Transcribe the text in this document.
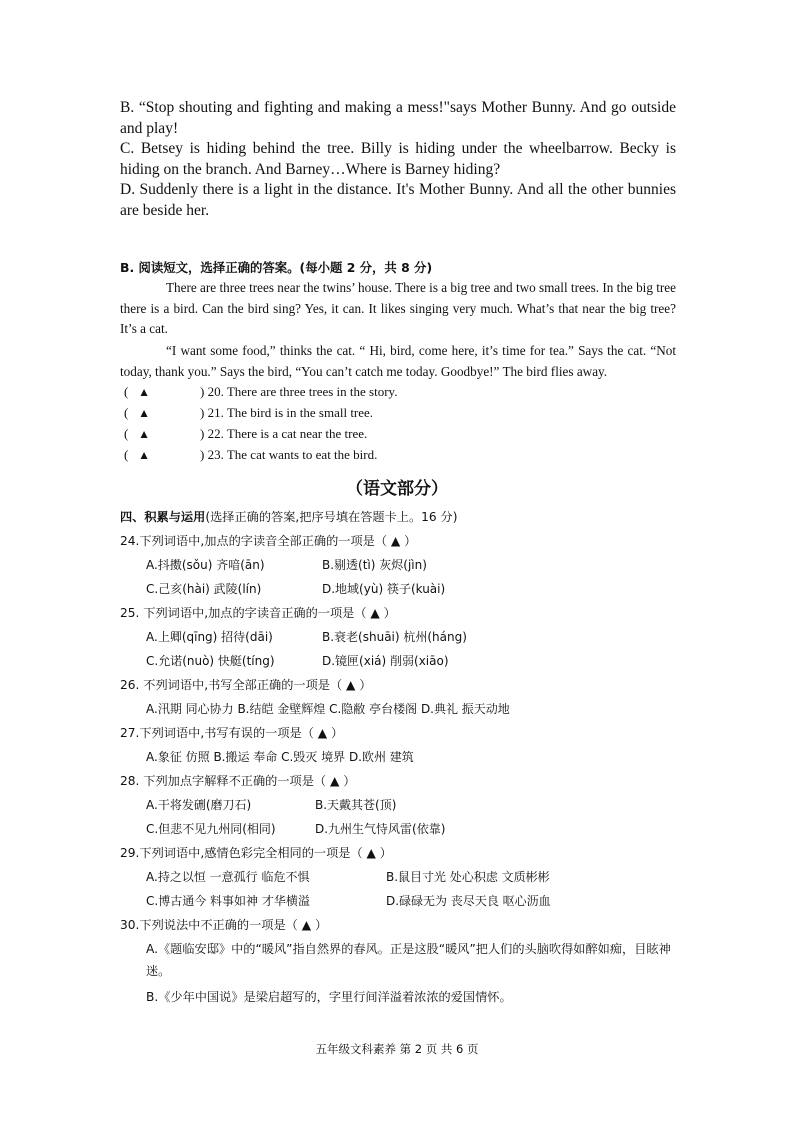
B. “Stop shouting and fighting and making a mess!"says Mother Bunny. And go outside and play!
C. Betsey is hiding behind the tree. Billy is hiding under the wheelbarrow. Becky is hiding on the branch. And Barney…Where is Barney hiding?
D. Suddenly there is a light in the distance. It's Mother Bunny. And all the other bunnies are beside her.
B. 阅读短文，选择正确的答案。(每小题 2 分，共 8 分)
There are three trees near the twins’ house. There is a big tree and two small trees. In the big tree there is a bird. Can the bird sing? Yes, it can. It likes singing very much. What’s that near the big tree? It’s a cat.
“I want some food,” thinks the cat. “ Hi, bird, come here, it’s time for tea.” Says the cat. “Not today, thank you.” Says the bird, “You can’t catch me today. Goodbye!” The bird flies away.
( ▲	) 20. There are three trees in the story.
( ▲	) 21. The bird is in the small tree.
( ▲	) 22. There is a cat near the tree.
( ▲	) 23. The cat wants to eat the bird.
（语文部分）
四、积累与运用(选择正确的答案,把序号填在答题卡上。16 分)
24.下列词语中,加点的字读音全部正确的一项是（ ▲ ）
A.抖擞(sǒu) 齐喑(ān)	B.剔透(tì) 灰烬(jìn)
C.己亥(hài) 武陵(lín)	D.地域(yù) 筷子(kuài)
25. 下列词语中,加点的字读音正确的一项是（ ▲ ）
A.上卿(qīng) 招待(dāi)	B.衰老(shuāi) 杭州(háng)
C.允诺(nuò) 快艇(tíng)	D.镜匣(xiá) 削弱(xiāo)
26. 不列词语中,书写全部正确的一项是（ ▲ ）
A.汛期 同心协力 B.结皑 金壁辉煌 C.隐敝 亭台楼阁 D.典礼 振天动地
27.下列词语中,书写有误的一项是（ ▲ ）
A.象征 仿照 B.搬运 奉命 C.毁灭 境界 D.欧州 建筑
28. 下列加点字解释不正确的一项是（ ▲ ）
A.干将发硎(磨刀石)	B.天戴其苍(顶)
C.但悲不见九州同(相同)	D.九州生气恃风雷(依靠)
29.下列词语中,感情色彩完全相同的一项是（ ▲ ）
A.持之以恒 一意孤行 临危不惧	B.鼠目寸光 处心积虑 文质彬彬
C.博古通今 料事如神 才华横溢	D.碌碌无为 丧尽天良 呕心沥血
30.下列说法中不正确的一项是（ ▲ ）
A.《题临安邸》中的“暖风”指自然界的春风。正是这股“暖风”把人们的头脑吹得如醉如痴，目眩神迷。
B.《少年中国说》是梁启超写的，字里行间洋溢着浓浓的爱国情怀。
五年级文科素养 第 2 页 共 6 页
